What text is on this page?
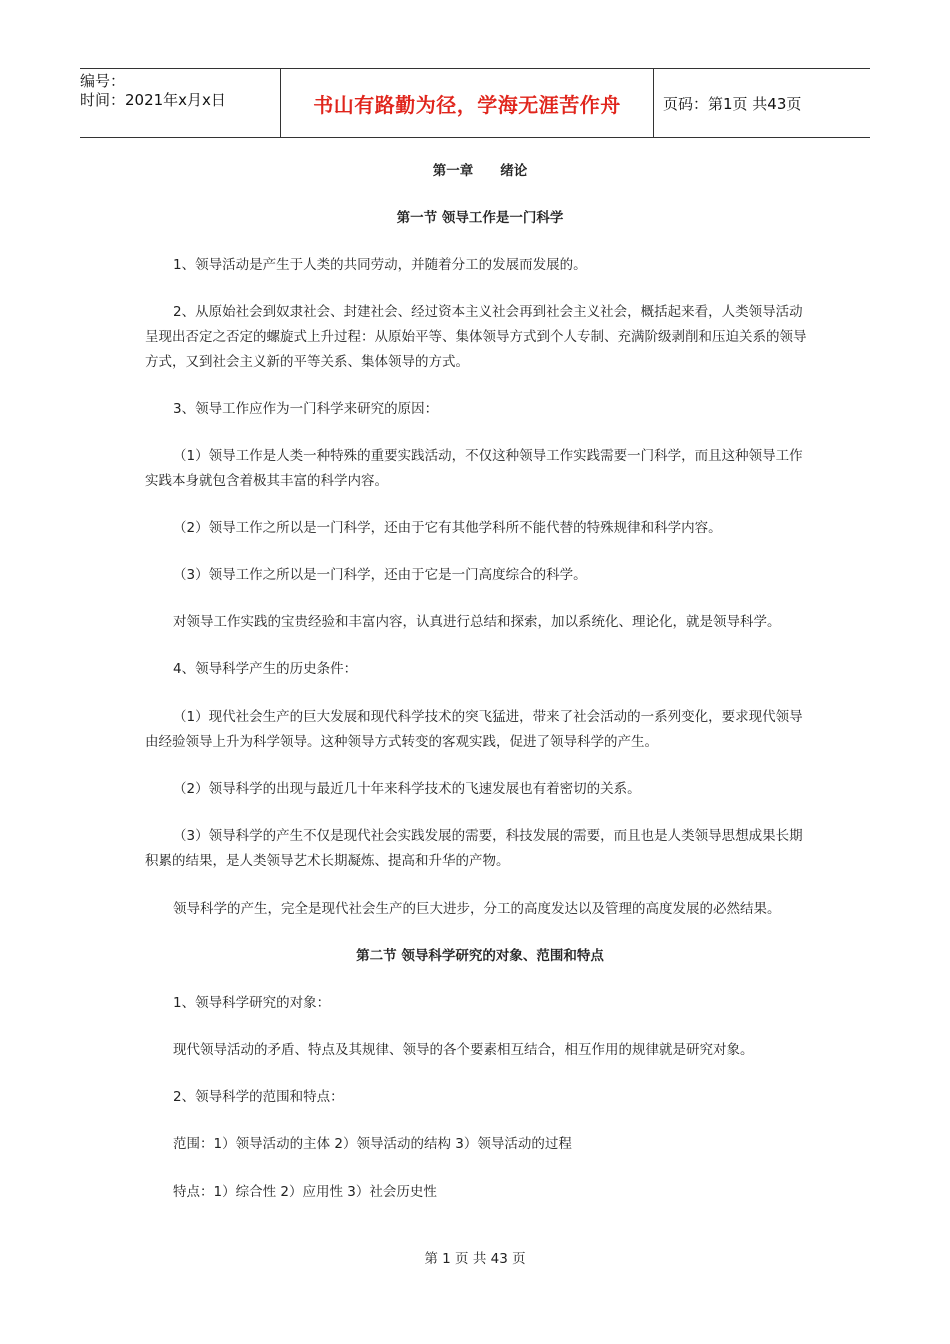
编号：
时间：2021年x月x日	书山有路勤为径，学海无涯苦作舟	页码：第1页 共43页
第一章　　绪论
第一节 领导工作是一门科学
1、领导活动是产生于人类的共同劳动，并随着分工的发展而发展的。
2、从原始社会到奴隶社会、封建社会、经过资本主义社会再到社会主义社会，概括起来看，人类领导活动呈现出否定之否定的螺旋式上升过程：从原始平等、集体领导方式到个人专制、充满阶级剥削和压迫关系的领导方式，又到社会主义新的平等关系、集体领导的方式。
3、领导工作应作为一门科学来研究的原因：
（1）领导工作是人类一种特殊的重要实践活动，不仅这种领导工作实践需要一门科学，而且这种领导工作实践本身就包含着极其丰富的科学内容。
（2）领导工作之所以是一门科学，还由于它有其他学科所不能代替的特殊规律和科学内容。
（3）领导工作之所以是一门科学，还由于它是一门高度综合的科学。
对领导工作实践的宝贵经验和丰富内容，认真进行总结和探索，加以系统化、理论化，就是领导科学。
4、领导科学产生的历史条件：
（1）现代社会生产的巨大发展和现代科学技术的突飞猛进，带来了社会活动的一系列变化，要求现代领导由经验领导上升为科学领导。这种领导方式转变的客观实践，促进了领导科学的产生。
（2）领导科学的出现与最近几十年来科学技术的飞速发展也有着密切的关系。
（3）领导科学的产生不仅是现代社会实践发展的需要，科技发展的需要，而且也是人类领导思想成果长期积累的结果，是人类领导艺术长期凝炼、提高和升华的产物。
领导科学的产生，完全是现代社会生产的巨大进步，分工的高度发达以及管理的高度发展的必然结果。
第二节 领导科学研究的对象、范围和特点
1、领导科学研究的对象：
现代领导活动的矛盾、特点及其规律、领导的各个要素相互结合，相互作用的规律就是研究对象。
2、领导科学的范围和特点：
范围：1）领导活动的主体 2）领导活动的结构 3）领导活动的过程
特点：1）综合性 2）应用性 3）社会历史性
第 1 页 共 43 页
